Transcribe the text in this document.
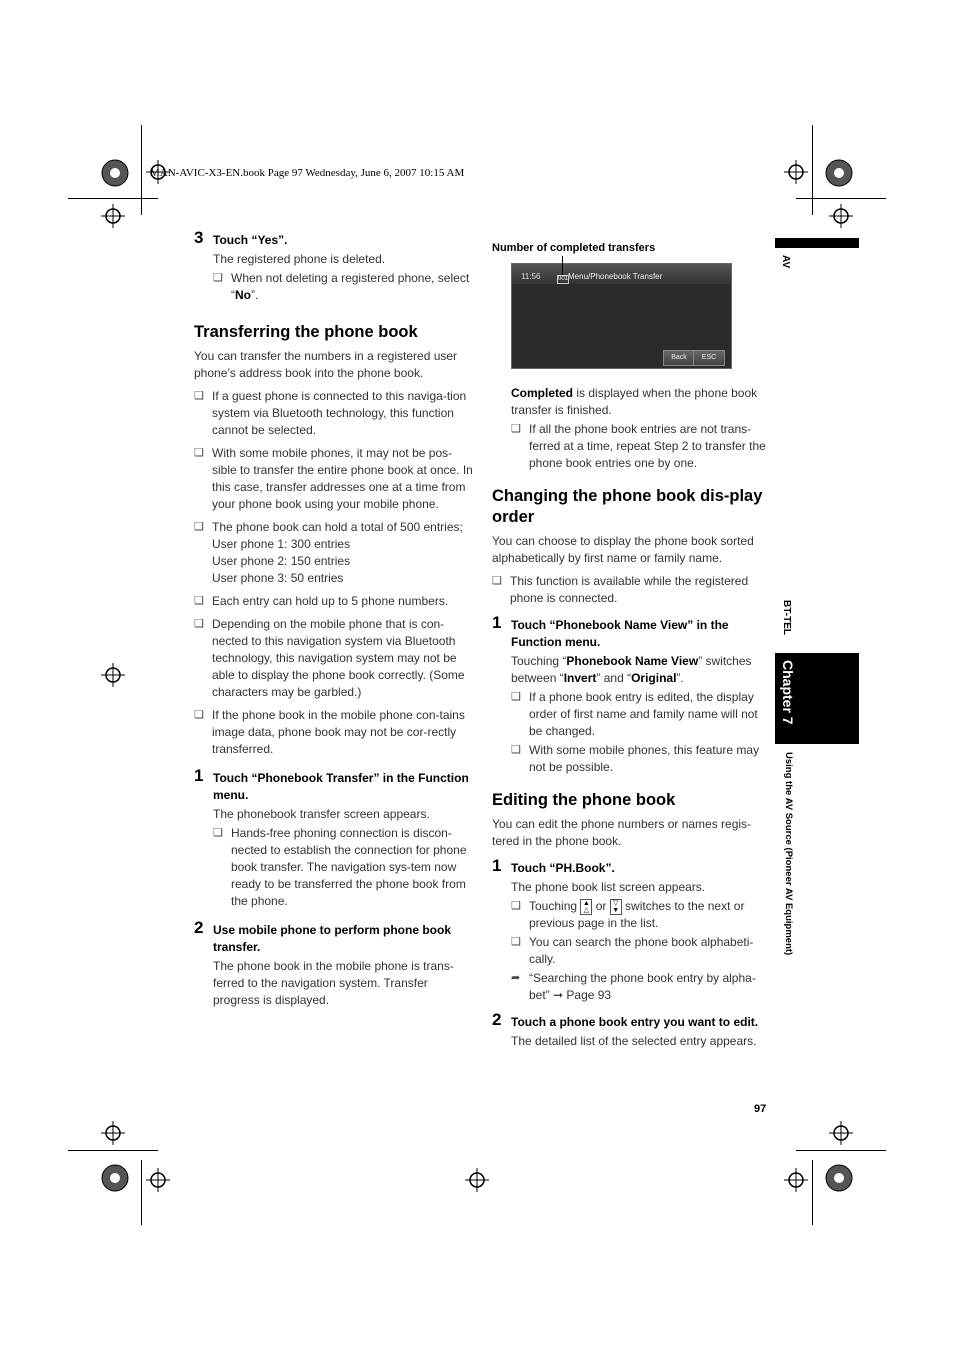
MAN-AVIC-X3-EN.book Page 97 Wednesday, June 6, 2007 10:15 AM
3 Touch “Yes”.
The registered phone is deleted.
❑ When not deleting a registered phone, select “No”.
Transferring the phone book
You can transfer the numbers in a registered user phone’s address book into the phone book.
❑ If a guest phone is connected to this naviga-tion system via Bluetooth technology, this function cannot be selected.
❑ With some mobile phones, it may not be pos-sible to transfer the entire phone book at once. In this case, transfer addresses one at a time from your phone book using your mobile phone.
❑ The phone book can hold a total of 500 entries;
User phone 1: 300 entries
User phone 2: 150 entries
User phone 3: 50 entries
❑ Each entry can hold up to 5 phone numbers.
❑ Depending on the mobile phone that is con-nected to this navigation system via Bluetooth technology, this navigation system may not be able to display the phone book correctly. (Some characters may be garbled.)
❑ If the phone book in the mobile phone con-tains image data, phone book may not be cor-rectly transferred.
1 Touch “Phonebook Transfer” in the Function menu.
The phonebook transfer screen appears.
❑ Hands-free phoning connection is discon-nected to establish the connection for phone book transfer. The navigation sys-tem now ready to be transferred the phone book from the phone.
2 Use mobile phone to perform phone book transfer.
The phone book in the mobile phone is trans-ferred to the navigation system. Transfer progress is displayed.
Number of completed transfers
11:56	Menu/Phonebook Transfer
001
Back	ESC
Completed is displayed when the phone book transfer is finished.
❑ If all the phone book entries are not trans-ferred at a time, repeat Step 2 to transfer the phone book entries one by one.
Changing the phone book dis-play order
You can choose to display the phone book sorted alphabetically by first name or family name.
❑ This function is available while the registered phone is connected.
1 Touch “Phonebook Name View” in the Function menu.
Touching “Phonebook Name View” switches between “Invert” and “Original”.
❑ If a phone book entry is edited, the display order of first name and family name will not be changed.
❑ With some mobile phones, this feature may not be possible.
Editing the phone book
You can edit the phone numbers or names regis-tered in the phone book.
1 Touch “PH.Book”.
The phone book list screen appears.
❑ Touching ▲
△ or ▽
▼ switches to the next or previous page in the list.
❑ You can search the phone book alphabeti-cally.
➦ “Searching the phone book entry by alpha-bet” ➞ Page 93
2 Touch a phone book entry you want to edit.
The detailed list of the selected entry appears.
AV
BT-TEL
Chapter 7
Using the AV Source (Pioneer AV Equipment)
97
